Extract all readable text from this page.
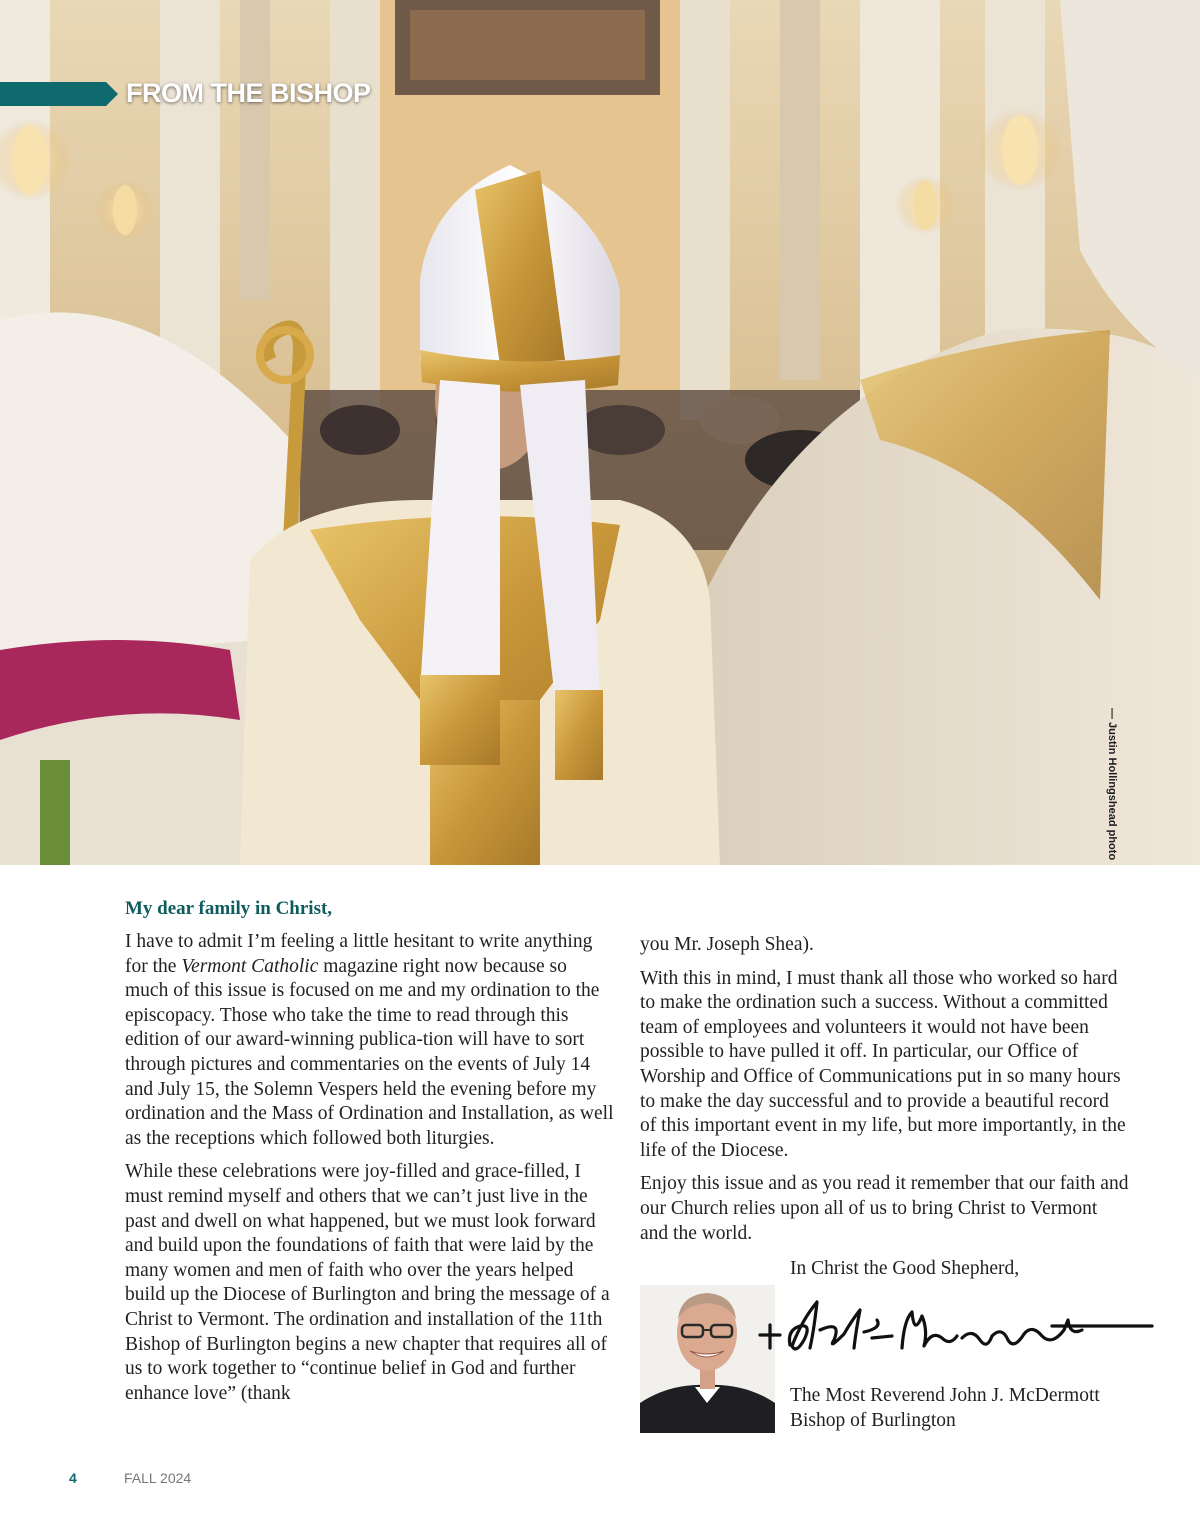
FROM THE BISHOP
— Justin Hollingshead photo
My dear family in Christ,

I have to admit I’m feeling a little hesitant to write anything for the Vermont Catholic magazine right now because so much of this issue is focused on me and my ordination to the episcopacy. Those who take the time to read through this edition of our award-winning publica-tion will have to sort through pictures and commentaries on the events of July 14 and July 15, the Solemn Vespers held the evening before my ordination and the Mass of Ordination and Installation, as well as the receptions which followed both liturgies.

While these celebrations were joy-filled and grace-filled, I must remind myself and others that we can’t just live in the past and dwell on what happened, but we must look forward and build upon the foundations of faith that were laid by the many women and men of faith who over the years helped build up the Diocese of Burlington and bring the message of a Christ to Vermont. The ordination and installation of the 11th Bishop of Burlington begins a new chapter that requires all of us to work together to “continue belief in God and further enhance love” (thank

you Mr. Joseph Shea).

With this in mind, I must thank all those who worked so hard to make the ordination such a success. Without a committed team of employees and volunteers it would not have been possible to have pulled it off. In particular, our Office of Worship and Office of Communications put in so many hours to make the day successful and to provide a beautiful record of this important event in my life, but more importantly, in the life of the Diocese.

Enjoy this issue and as you read it remember that our faith and our Church relies upon all of us to bring Christ to Vermont and the world.

In Christ the Good Shepherd,
The Most Reverend John J. McDermott
Bishop of Burlington
4	FALL 2024
